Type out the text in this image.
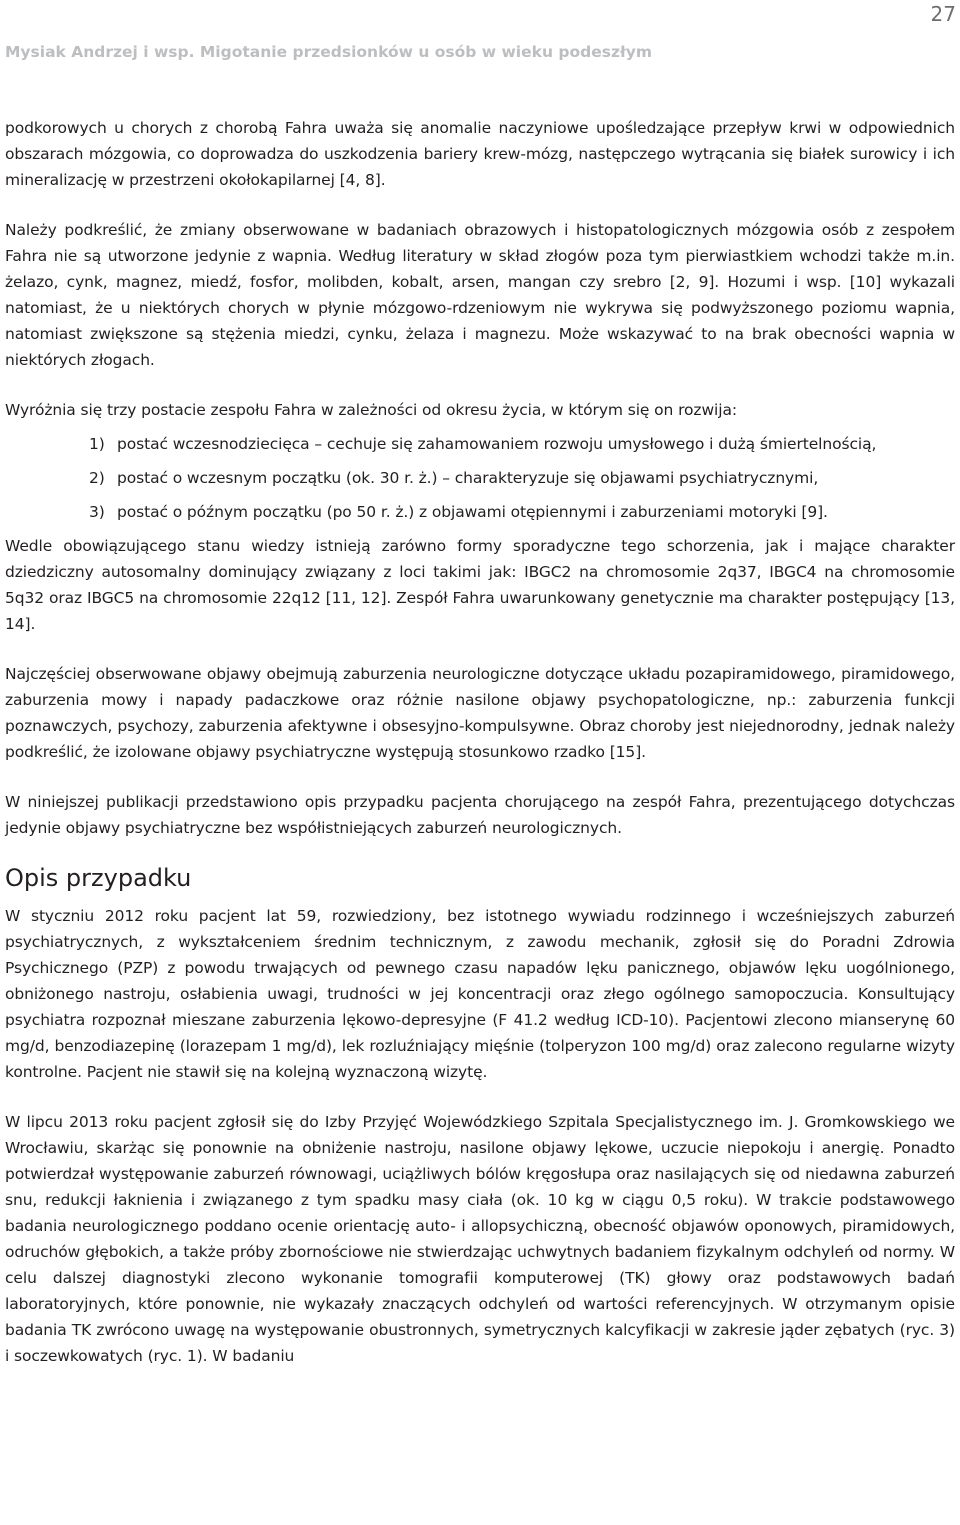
27
Mysiak Andrzej i wsp. Migotanie przedsionków u osób w wieku podeszłym

podkorowych u chorych z chorobą Fahra uważa się anomalie naczyniowe upośledzające przepływ krwi w odpowiednich obszarach mózgowia, co doprowadza do uszkodzenia bariery krew-mózg, następczego wytrącania się białek surowicy i ich mineralizację w przestrzeni okołokapilarnej [4, 8].

Należy podkreślić, że zmiany obserwowane w badaniach obrazowych i histopatologicznych mózgowia osób z zespołem Fahra nie są utworzone jedynie z wapnia. Według literatury w skład złogów poza tym pierwiastkiem wchodzi także m.in. żelazo, cynk, magnez, miedź, fosfor, molibden, kobalt, arsen, mangan czy srebro [2, 9]. Hozumi i wsp. [10] wykazali natomiast, że u niektórych chorych w płynie mózgowo-rdzeniowym nie wykrywa się podwyższonego poziomu wapnia, natomiast zwiększone są stężenia miedzi, cynku, żelaza i magnezu. Może wskazywać to na brak obecności wapnia w niektórych złogach.

Wyróżnia się trzy postacie zespołu Fahra w zależności od okresu życia, w którym się on rozwija:

1) postać wczesnodziecięca – cechuje się zahamowaniem rozwoju umysłowego i dużą śmiertelnością,
2) postać o wczesnym początku (ok. 30 r. ż.) – charakteryzuje się objawami psychiatrycznymi,
3) postać o późnym początku (po 50 r. ż.) z objawami otępiennymi i zaburzeniami motoryki [9].

Wedle obowiązującego stanu wiedzy istnieją zarówno formy sporadyczne tego schorzenia, jak i mające charakter dziedziczny autosomalny dominujący związany z loci takimi jak: IBGC2 na chromosomie 2q37, IBGC4 na chromosomie 5q32 oraz IBGC5 na chromosomie 22q12 [11, 12]. Zespół Fahra uwarunkowany genetycznie ma charakter postępujący [13, 14].

Najczęściej obserwowane objawy obejmują zaburzenia neurologiczne dotyczące układu pozapiramidowego, piramidowego, zaburzenia mowy i napady padaczkowe oraz różnie nasilone objawy psychopatologiczne, np.: zaburzenia funkcji poznawczych, psychozy, zaburzenia afektywne i obsesyjno-kompulsywne. Obraz choroby jest niejednorodny, jednak należy podkreślić, że izolowane objawy psychiatryczne występują stosunkowo rzadko [15].

W niniejszej publikacji przedstawiono opis przypadku pacjenta chorującego na zespół Fahra, prezentującego dotychczas jedynie objawy psychiatryczne bez współistniejących zaburzeń neurologicznych.

Opis przypadku

W styczniu 2012 roku pacjent lat 59, rozwiedziony, bez istotnego wywiadu rodzinnego i wcześniejszych zaburzeń psychiatrycznych, z wykształceniem średnim technicznym, z zawodu mechanik, zgłosił się do Poradni Zdrowia Psychicznego (PZP) z powodu trwających od pewnego czasu napadów lęku panicznego, objawów lęku uogólnionego, obniżonego nastroju, osłabienia uwagi, trudności w jej koncentracji oraz złego ogólnego samopoczucia. Konsultujący psychiatra rozpoznał mieszane zaburzenia lękowo-depresyjne (F 41.2 według ICD-10). Pacjentowi zlecono mianserynę 60 mg/d, benzodiazepinę (lorazepam 1 mg/d), lek rozluźniający mięśnie (tolperyzon 100 mg/d) oraz zalecono regularne wizyty kontrolne. Pacjent nie stawił się na kolejną wyznaczoną wizytę.

W lipcu 2013 roku pacjent zgłosił się do Izby Przyjęć Wojewódzkiego Szpitala Specjalistycznego im. J. Gromkowskiego we Wrocławiu, skarżąc się ponownie na obniżenie nastroju, nasilone objawy lękowe, uczucie niepokoju i anergię. Ponadto potwierdzał występowanie zaburzeń równowagi, uciążliwych bólów kręgosłupa oraz nasilających się od niedawna zaburzeń snu, redukcji łaknienia i związanego z tym spadku masy ciała (ok. 10 kg w ciągu 0,5 roku). W trakcie podstawowego badania neurologicznego poddano ocenie orientację auto- i allopsychiczną, obecność objawów oponowych, piramidowych, odruchów głębokich, a także próby zbornościowe nie stwierdzając uchwytnych badaniem fizykalnym odchyleń od normy. W celu dalszej diagnostyki zlecono wykonanie tomografii komputerowej (TK) głowy oraz podstawowych badań laboratoryjnych, które ponownie, nie wykazały znaczących odchyleń od wartości referencyjnych. W otrzymanym opisie badania TK zwrócono uwagę na występowanie obustronnych, symetrycznych kalcyfikacji w zakresie jąder zębatych (ryc. 3) i soczewkowatych (ryc. 1). W badaniu
